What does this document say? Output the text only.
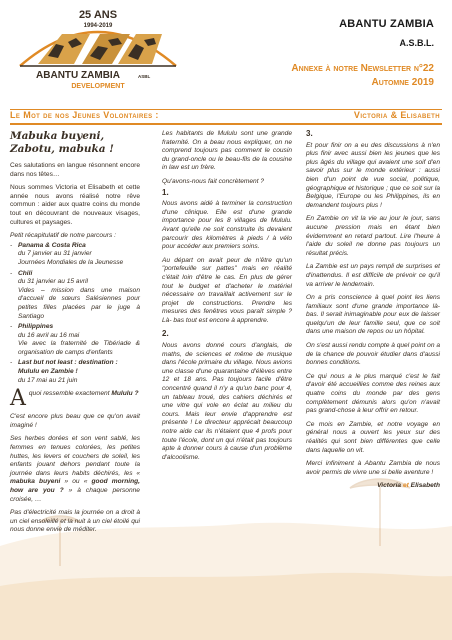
25 ANS
1994-2019
ABANTU ZAMBIA	ASBL
DEVELOPMENT
ABANTU ZAMBIA
A.S.B.L.
Annexe à notre Newsletter n°22
Automne 2019
Le Mot de nos Jeunes Volontaires :	Victoria & Elisabeth
Mabuka buyeni,
Zabotu, mabuka !

Ces salutations en langue résonnent encore dans nos têtes…

Nous sommes Victoria et Elisabeth et cette année nous avons réalisé notre rêve commun : aider aux quatre coins du monde tout en découvrant de nouveaux visages, cultures et paysages.

Petit récapitulatif de notre parcours :

- Panama & Costa Rica
du 7 janvier au 31 janvier
Journées Mondiales de la Jeunesse
- Chili
du 31 janvier au 15 avril
Vides – mission dans une maison d'accueil de sœurs Salésiennes pour petites filles placées par le juge à Santiago
- Philippines
du 16 avril au 16 mai
Vie avec la fraternité de Tibériade & organisation de camps d'enfants
- Last but not least : destination :
Mululu en Zambie !
du 17 mai au 21 juin
Aquoi ressemble exactement Mululu ?

C'est encore plus beau que ce qu'on avait imaginé !

Ses herbes dorées et son vent sablé, les femmes en tenues colorées, les petites huttes, les levers et couchers de soleil, les enfants jouant dehors pendant toute la journée dans leurs habits déchirés, les « mabuka buyeni » ou « good morning, how are you ? » à chaque personne croisée, …

Pas d'électricité mais la journée on a droit à un ciel ensoleillé et la nuit à un ciel étoilé qui nous donne envie de méditer.

Les habitants de Mululu sont une grande fraternité. On a beau nous expliquer, on ne comprend toujours pas comment le cousin du grand-oncle ou le beau-fils de la cousine in law est un frère.

Qu'avons-nous fait concrètement ?

1.

Nous avons aidé à terminer la construction d'une clinique. Elle est d'une grande importance pour les 8 villages de Mululu. Avant qu'elle ne soit construite ils devaient parcourir des kilomètres à pieds / à vélo pour accéder aux premiers soins.

Au départ on avait peur de n'être qu'un "portefeuille sur pattes" mais en réalité c'était loin d'être le cas. En plus de gérer tout le budget et d'acheter le matériel nécessaire on travaillait activement sur le projet de constructions. Prendre les mesures des fenêtres vous paraît simple ? Là- bas tout est encore à apprendre.

2.

Nous avons donné cours d'anglais, de maths, de sciences et même de musique dans l'école primaire du village. Nous avions une classe d'une quarantaine d'élèves entre 12 et 18 ans. Pas toujours facile d'être concentré quand il n'y a qu'un banc pour 4, un tableau troué, des cahiers déchirés et une vitre qui vole en éclat au milieu du cours. Mais leur envie d'apprendre est présente ! Le directeur apprécait beaucoup notre aide car ils n'étaient que 4 profs pour toute l'école, dont un qui n'était pas toujours apte à donner cours à cause d'un problème d'alcoolisme.

3.

Et pour finir on a eu des discussions à n'en plus finir avec aussi bien les jeunes que les plus âgés du village qui avaient une soif d'en savoir plus sur le monde extérieur : aussi bien d'un point de vue social, politique, géographique et historique ; que ce soit sur la Belgique, l'Europe ou les Philippines, ils en demandent toujours plus !

En Zambie on vit la vie au jour le jour, sans aucune pression mais en étant bien évidemment en retard partout. Lire l'heure à l'aide du soleil ne donne pas toujours un résultat précis.

La Zambie est un pays rempli de surprises et d'inattendus. Il est difficile de prévoir ce qu'il va arriver le lendemain.

On a pris conscience à quel point les liens familiaux sont d'une grande importance là-bas. Il serait inimaginable pour eux de laisser quelqu'un de leur famille seul, que ce soit dans une maison de repos ou un hôpital.

On s'est aussi rendu compte à quel point on a de la chance de pouvoir étudier dans d'aussi bonnes conditions.

Ce qui nous a le plus marqué c'est le fait d'avoir été accueillies comme des reines aux quatre coins du monde par des gens complètement démunis alors qu'on n'avait pas grand-chose à leur offrir en retour.

Ce mois en Zambie, et notre voyage en général nous a ouvert les yeux sur des réalités qui sont bien différentes que celle dans laquelle on vit.

Merci infiniment à Abantu Zambia de nous avoir permis de vivre une si belle aventure !

Victoria et Elisabeth
